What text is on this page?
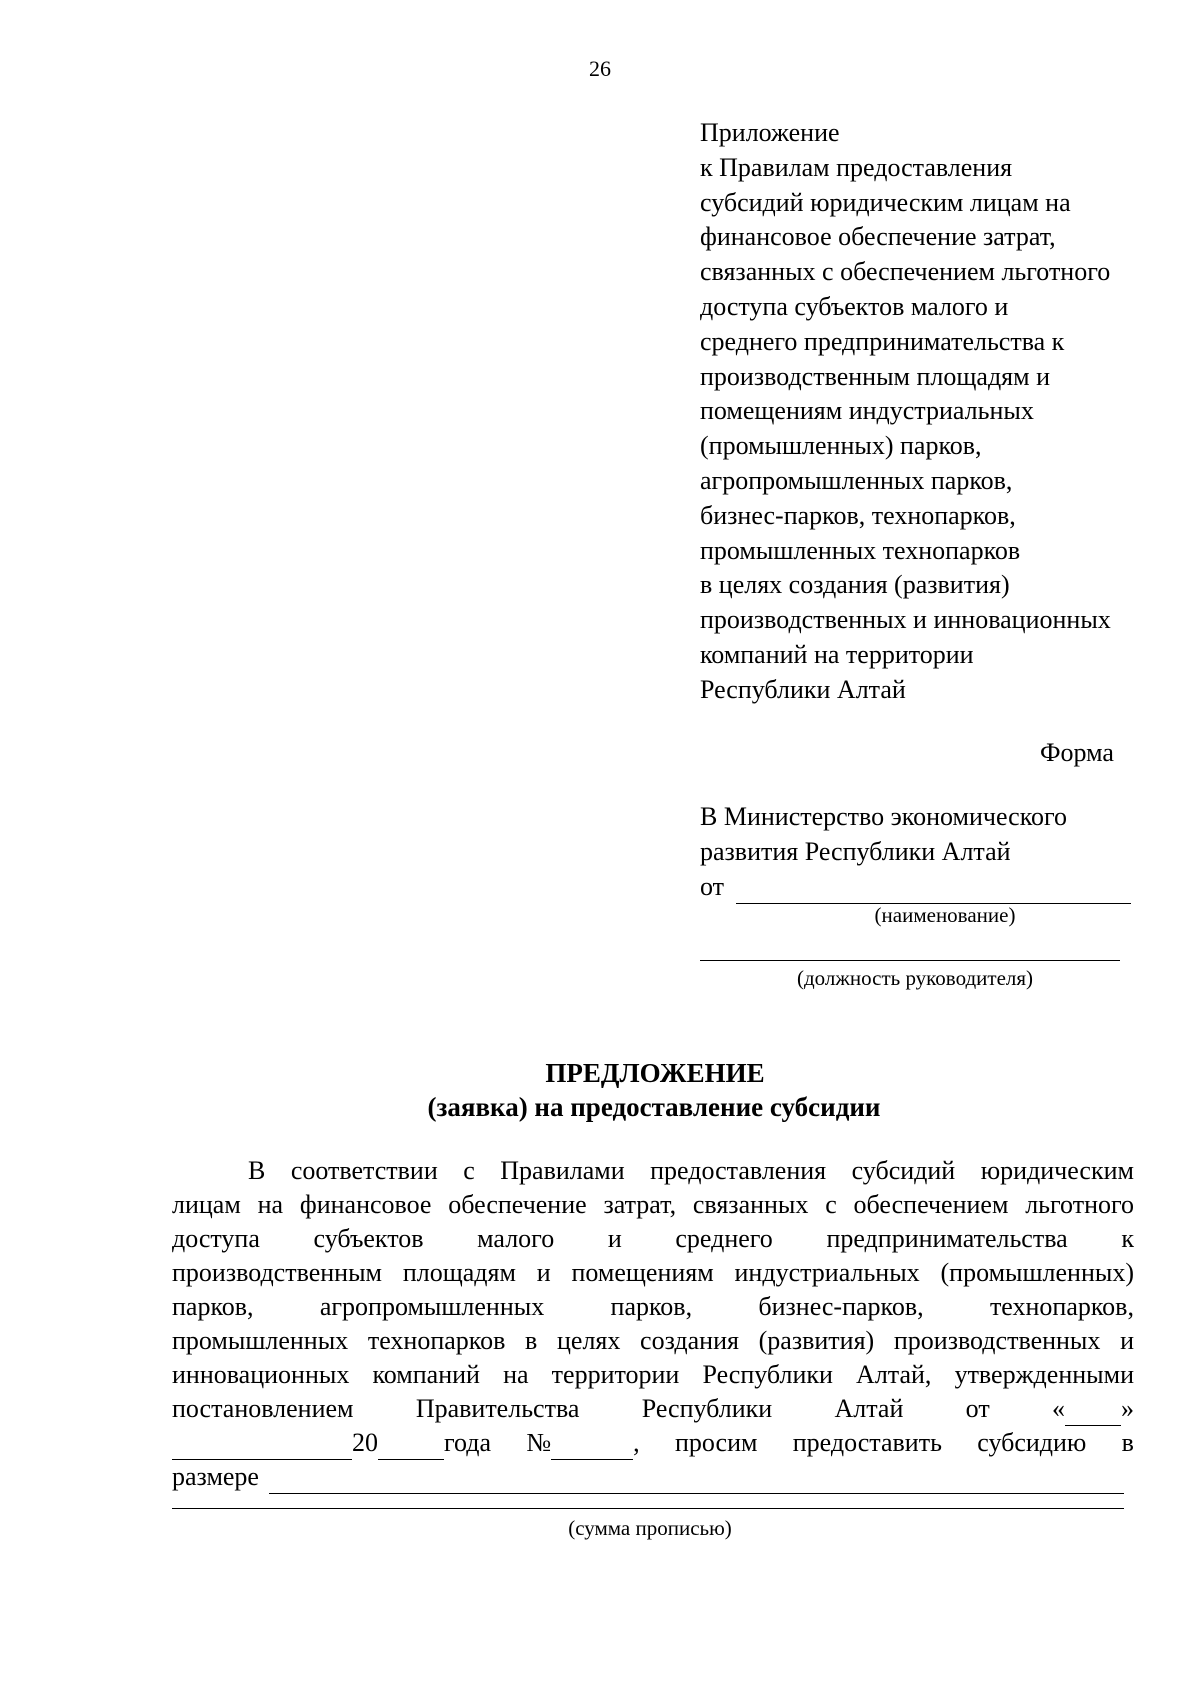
26
Приложение
к Правилам предоставления
субсидий юридическим лицам на
финансовое обеспечение затрат,
связанных с обеспечением льготного
доступа субъектов малого и
среднего предпринимательства к
производственным площадям и
помещениям индустриальных
(промышленных) парков,
агропромышленных парков,
бизнес-парков, технопарков,
промышленных технопарков
в целях создания (развития)
производственных и инновационных
компаний на территории
Республики Алтай
Форма
В Министерство экономического
развития Республики Алтай
от
(наименование)
(должность руководителя)
ПРЕДЛОЖЕНИЕ
(заявка) на предоставление субсидии
В соответствии с Правилами предоставления субсидий юридическим
лицам на финансовое обеспечение затрат, связанных с обеспечением льготного
доступа субъектов малого и среднего предпринимательства к
производственным площадям и помещениям индустриальных (промышленных)
парков,	агропромышленных	парков,	бизнес-парков,	технопарков,
промышленных технопарков в целях создания (развития) производственных и
инновационных компаний на территории Республики Алтай, утвержденными
постановлением Правительства Республики Алтай от « »
20	года №	, просим предоставить субсидию в
размере
(сумма прописью)
